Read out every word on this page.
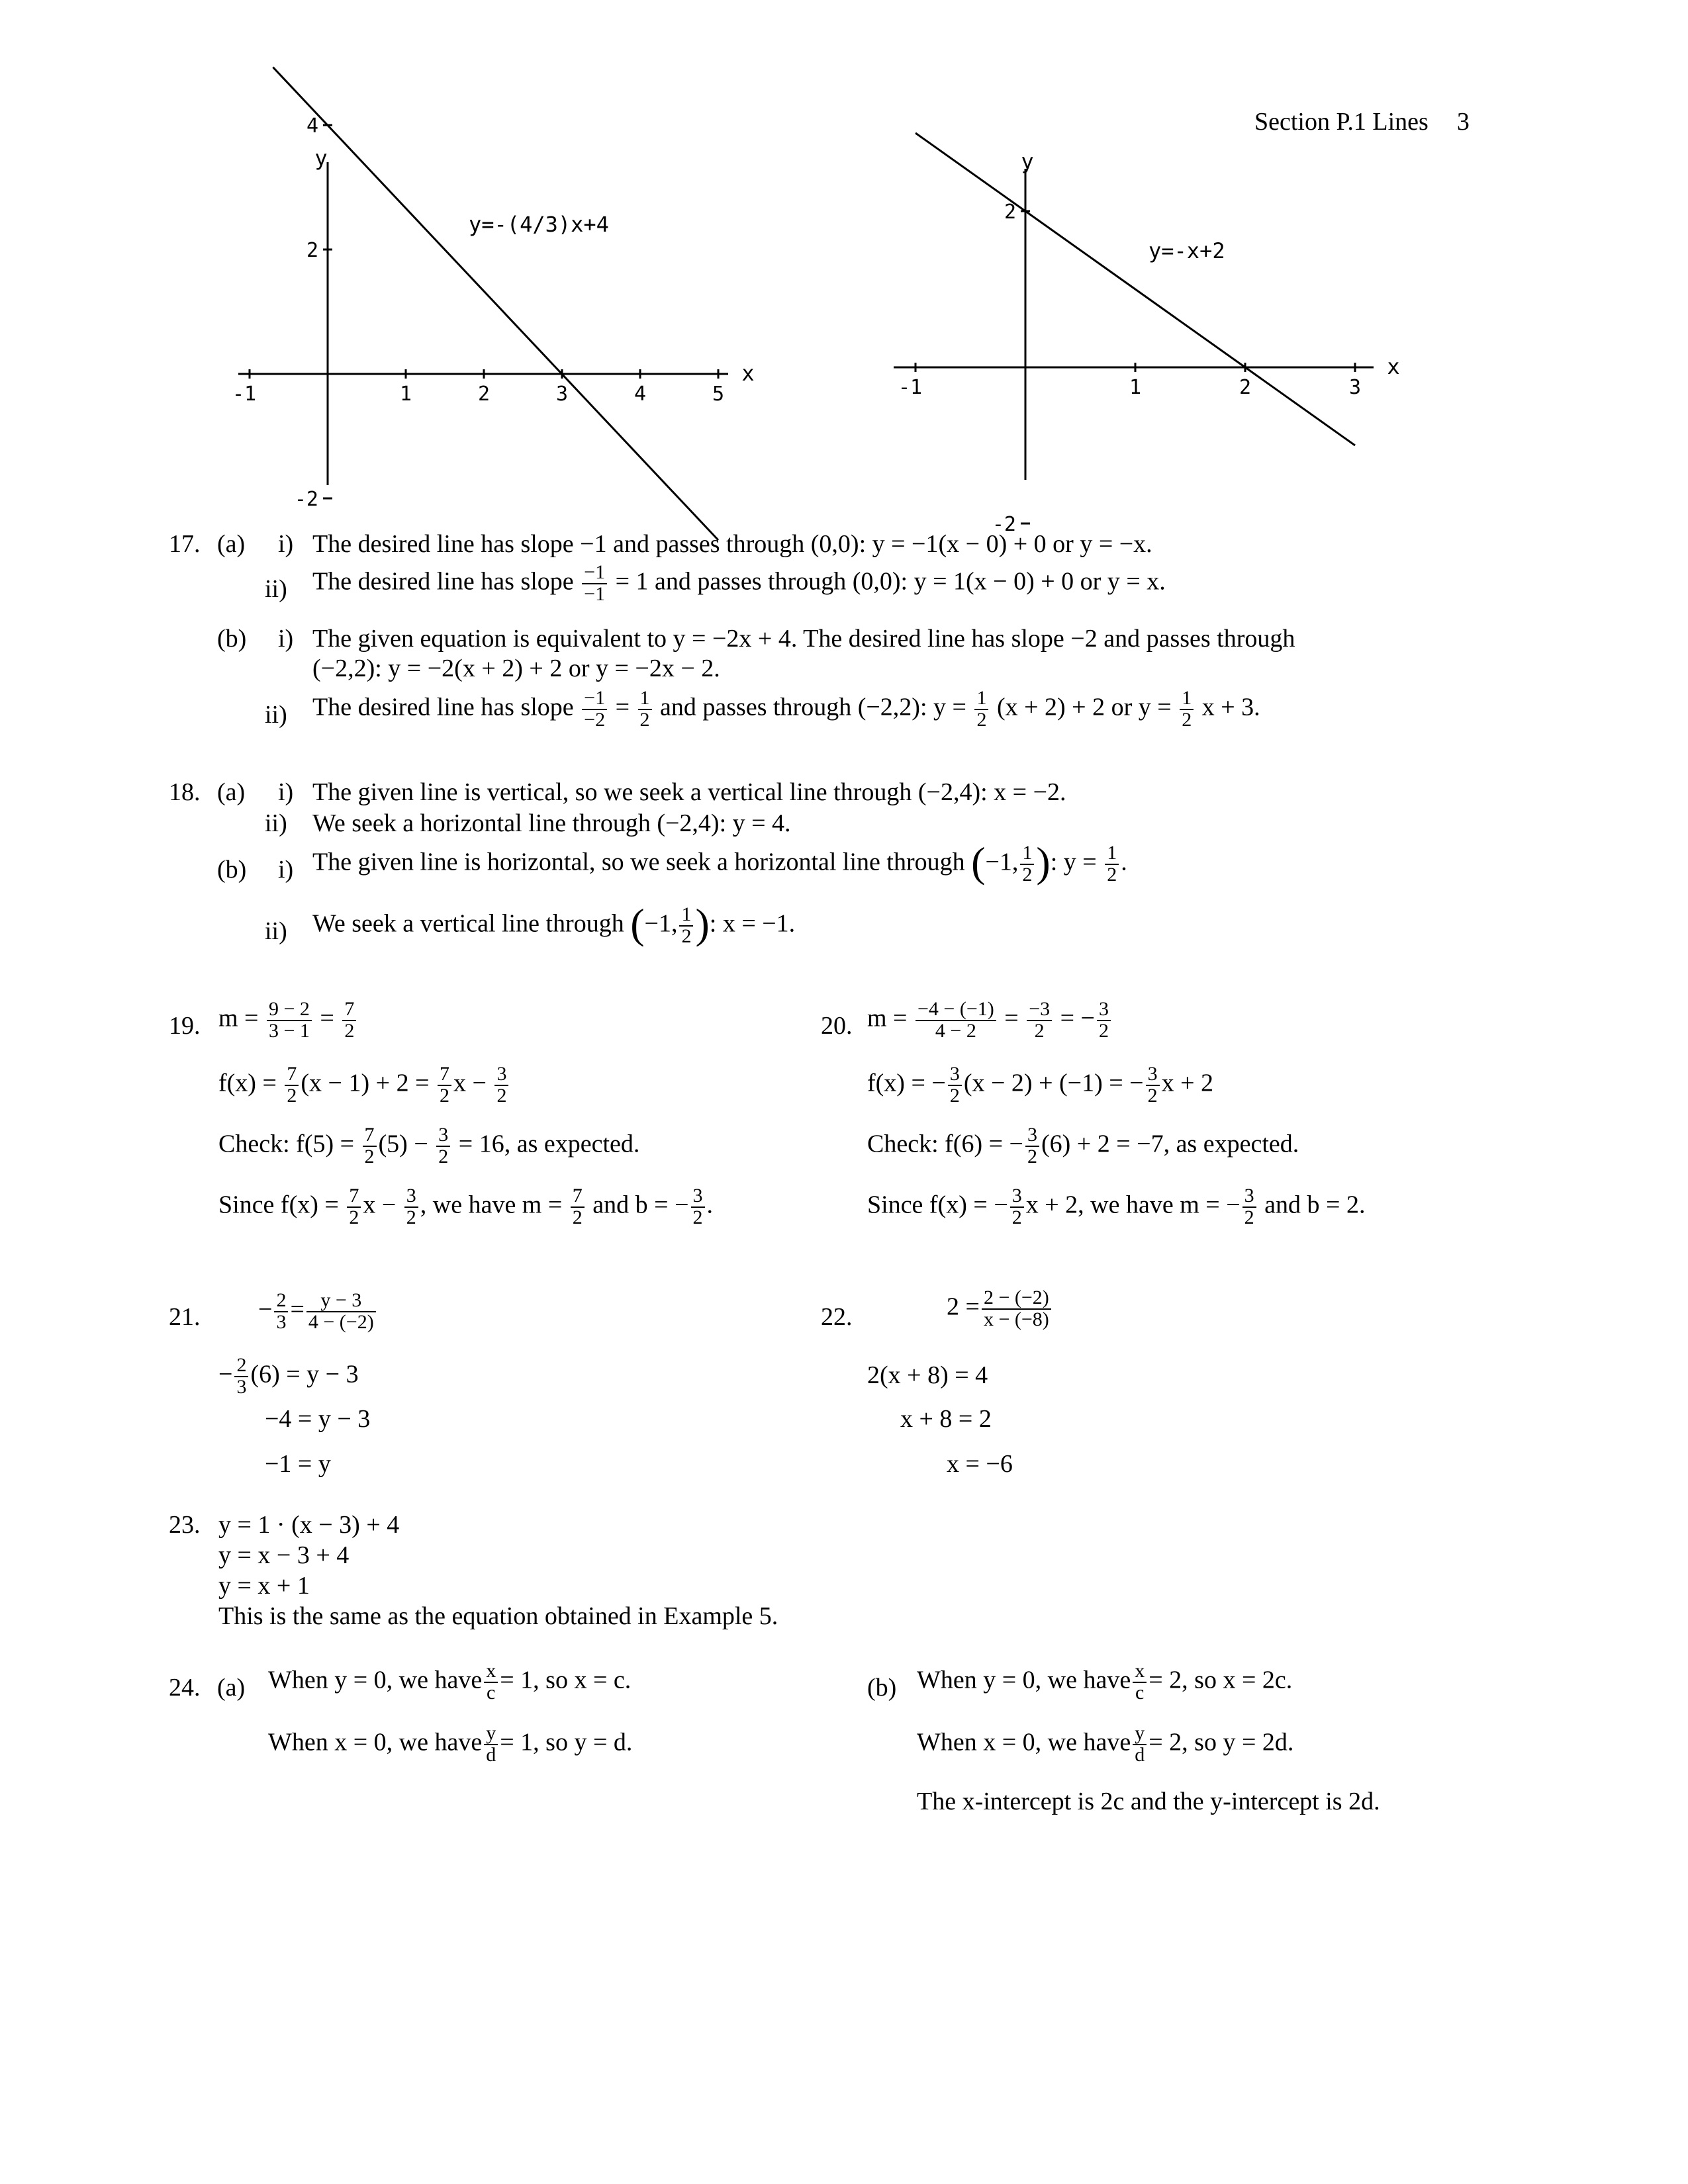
Section P.1 Lines 3
y
x
y=-(4/3)x+4
-1	1	2	3	4	5
4
2
-2
y
x
y=-x+2
-1	1	2	3
2
-2
17. (a) i) The desired line has slope −1 and passes through (0,0): y = −1(x − 0) + 0 or y = −x.
ii) The desired line has slope $\frac{-1}{-1} = 1$ and passes through (0,0): y = 1(x − 0) + 0 or y = x.
(b) i) The given equation is equivalent to y = −2x + 4. The desired line has slope −2 and passes through
(−2,2): y = −2(x + 2) + 2 or y = −2x − 2.
ii) The desired line has slope $\frac{-1}{-2} = \frac{1}{2}$ and passes through (−2,2): $y = \frac{1}{2} (x + 2) + 2$ or $y = \frac{1}{2}$ x + 3.
18. (a) i) The given line is vertical, so we seek a vertical line through (−2,4): x = −2.
ii) We seek a horizontal line through (−2,4): y = 4.
(b) i) The given line is horizontal, so we seek a horizontal line through (−1, $\frac{1}{2}$ ): $y = \frac{1}{2}$ .
ii) We seek a vertical line through (−1, $\frac{1}{2}$ ): x = −1.
19. $m = \frac{9 - 2}{3 - 1} = \frac{7}{2}$
$f(x) = \frac{7}{2} (x - 1) + 2 = \frac{7}{2}$ $x - \frac{3}{2}$
Check: $f(5) = \frac{7}{2} (5) - \frac{3}{2} = 16$, as expected.
Since $f(x) = \frac{7}{2}$ $x - \frac{3}{2}$ , we have $m = \frac{7}{2}$ and b = − $\frac{3}{2}$ .
20. $m = \frac{-4 - (-1)}{4 - 2} = \frac{-3}{2}$ = − $\frac{3}{2}$
f(x) = − $\frac{3}{2} (x - 2) + (-1)$ = − $\frac{3}{2}$ x + 2
Check: f(6) = − $\frac{3}{2} (6) + 2 = -7$, as expected.
Since f(x) = − $\frac{3}{2}$ x + 2, we have m = − $\frac{3}{2}$ and b = 2.
21. − $\frac{2}{3} = \frac{y - 3}{4 - (-2)}$
− $\frac{2}{3} (6) = y - 3$
−4 = y − 3
−1 = y
22.	$2 = \frac{2 - (-2)}{x - (-8)}$
2(x + 8) = 4
x + 8 = 2
x = −6
23. y = 1 · (x − 3) + 4
y = x − 3 + 4
y = x + 1
This is the same as the equation obtained in Example 5.
24. (a) When y = 0, we have $\frac{x}{c} = 1$, so x = c.
When x = 0, we have $\frac{y}{d} = 1$, so y = d.
(b) When y = 0, we have $\frac{x}{c} = 2$, so x = 2c.
When x = 0, we have $\frac{y}{d} = 2$, so y = 2d.
The x-intercept is 2c and the y-intercept is 2d.
